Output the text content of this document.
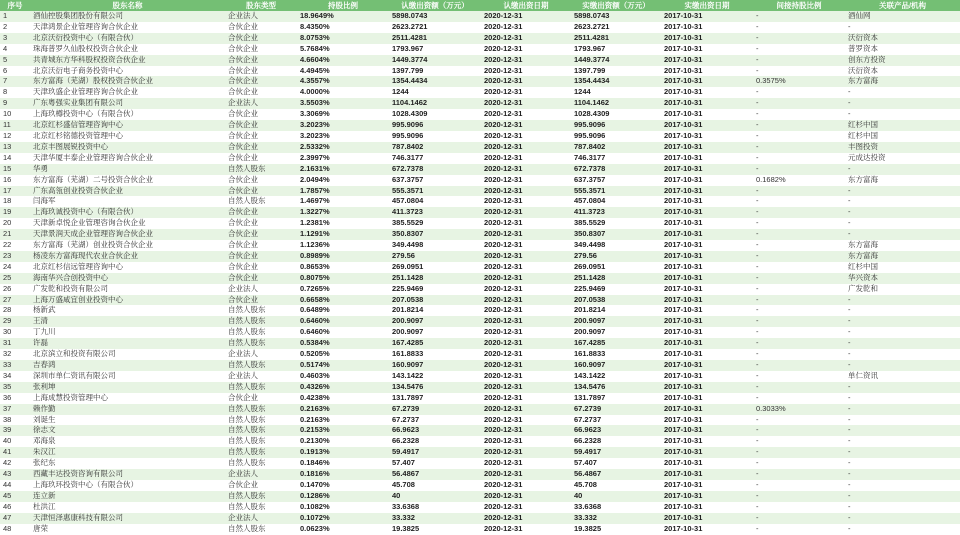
序号	股东名称	股东类型	持股比例	认缴出资额（万元）	认缴出资日期	实缴出资额（万元）	实缴出资日期	间接持股比例	关联产品/机构
1	酒仙控股集团股份有限公司	企业法人	18.9649%	5898.0743	2020-12-31	5898.0743	2017-10-31	-	酒仙网
2	天津鸿景企业管理咨询合伙企业	合伙企业	8.4350%	2623.2721	2020-12-31	2623.2721	2017-10-31	-	-
3	北京沃衍投资中心（有限合伙）	合伙企业	8.0753%	2511.4281	2020-12-31	2511.4281	2017-10-31	-	沃衍资本
4	珠海普罗久仙股权投资合伙企业	合伙企业	5.7684%	1793.967	2020-12-31	1793.967	2017-10-31	-	普罗资本
5	共青城东方华科股权投资合伙企业	合伙企业	4.6604%	1449.3774	2020-12-31	1449.3774	2017-10-31	-	创东方投资
6	北京沃衍电子商务投资中心	合伙企业	4.4945%	1397.799	2020-12-31	1397.799	2017-10-31	-	沃衍资本
7	东方富海（芜湖）股权投资合伙企业	合伙企业	4.3557%	1354.4434	2020-12-31	1354.4434	2017-10-31	0.3575%	东方富海
8	天津玖盛企业管理咨询合伙企业	合伙企业	4.0000%	1244	2020-12-31	1244	2017-10-31	-	-
9	广东粤强实业集团有限公司	企业法人	3.5503%	1104.1462	2020-12-31	1104.1462	2017-10-31	-	-
10	上海玖樽投资中心（有限合伙）	合伙企业	3.3069%	1028.4309	2020-12-31	1028.4309	2017-10-31	-	-
11	北京红杉盛信管理咨询中心	合伙企业	3.2023%	995.9096	2020-12-31	995.9096	2017-10-31	-	红杉中国
12	北京红杉铭德投资管理中心	合伙企业	3.2023%	995.9096	2020-12-31	995.9096	2017-10-31	-	红杉中国
13	北京丰图展锐投资中心	合伙企业	2.5332%	787.8402	2020-12-31	787.8402	2017-10-31	-	丰图投资
14	天津华厦丰泰企业管理咨询合伙企业	合伙企业	2.3997%	746.3177	2020-12-31	746.3177	2017-10-31	-	元成达投资
15	华勇	自然人股东	2.1631%	672.7378	2020-12-31	672.7378	2017-10-31	-	-
16	东方富海（芜湖）二号投资合伙企业	合伙企业	2.0494%	637.3757	2020-12-31	637.3757	2017-10-31	0.1682%	东方富海
17	广东高瓴创业投资合伙企业	合伙企业	1.7857%	555.3571	2020-12-31	555.3571	2017-10-31	-	-
18	闫海军	自然人股东	1.4697%	457.0804	2020-12-31	457.0804	2017-10-31	-	-
19	上海玖诚投资中心（有限合伙）	合伙企业	1.3227%	411.3723	2020-12-31	411.3723	2017-10-31	-	-
20	天津新卓悦企业管理咨询合伙企业	合伙企业	1.2381%	385.5529	2020-12-31	385.5529	2017-10-31	-	-
21	天津景润天成企业管理咨询合伙企业	合伙企业	1.1291%	350.8307	2020-12-31	350.8307	2017-10-31	-	-
22	东方富海（芜湖）创业投资合伙企业	合伙企业	1.1236%	349.4498	2020-12-31	349.4498	2017-10-31	-	东方富海
23	杨凌东方富海现代农业合伙企业	合伙企业	0.8989%	279.56	2020-12-31	279.56	2017-10-31	-	东方富海
24	北京红杉信远管理咨询中心	合伙企业	0.8653%	269.0951	2020-12-31	269.0951	2017-10-31	-	红杉中国
25	海南华兴合创投资中心	合伙企业	0.8075%	251.1428	2020-12-31	251.1428	2017-10-31	-	华兴资本
26	广发乾和投资有限公司	企业法人	0.7265%	225.9469	2020-12-31	225.9469	2017-10-31	-	广发乾和
27	上海万盛咸宜创业投资中心	合伙企业	0.6658%	207.0538	2020-12-31	207.0538	2017-10-31	-	-
28	杨新武	自然人股东	0.6489%	201.8214	2020-12-31	201.8214	2017-10-31	-	-
29	王清	自然人股东	0.6460%	200.9097	2020-12-31	200.9097	2017-10-31	-	-
30	丁九川	自然人股东	0.6460%	200.9097	2020-12-31	200.9097	2017-10-31	-	-
31	许磊	自然人股东	0.5384%	167.4285	2020-12-31	167.4285	2017-10-31	-	-
32	北京滨立和投资有限公司	企业法人	0.5205%	161.8833	2020-12-31	161.8833	2017-10-31	-	-
33	吉春鸿	自然人股东	0.5174%	160.9097	2020-12-31	160.9097	2017-10-31	-	-
34	深圳市单仁资讯有限公司	企业法人	0.4603%	143.1422	2020-12-31	143.1422	2017-10-31	-	单仁资讯
35	张利坤	自然人股东	0.4326%	134.5476	2020-12-31	134.5476	2017-10-31	-	-
36	上海成慧投资管理中心	合伙企业	0.4238%	131.7897	2020-12-31	131.7897	2017-10-31	-	-
37	赖作勤	自然人股东	0.2163%	67.2739	2020-12-31	67.2739	2017-10-31	0.3033%	-
38	刘诞生	自然人股东	0.2163%	67.2737	2020-12-31	67.2737	2017-10-31	-	-
39	徐志文	自然人股东	0.2153%	66.9623	2020-12-31	66.9623	2017-10-31	-	-
40	邓海泉	自然人股东	0.2130%	66.2328	2020-12-31	66.2328	2017-10-31	-	-
41	朱汉江	自然人股东	0.1913%	59.4917	2020-12-31	59.4917	2017-10-31	-	-
42	张纪东	自然人股东	0.1846%	57.407	2020-12-31	57.407	2017-10-31	-	-
43	西藏丰达投资咨询有限公司	企业法人	0.1816%	56.4867	2020-12-31	56.4867	2017-10-31	-	-
44	上海玖环投资中心（有限合伙）	合伙企业	0.1470%	45.708	2020-12-31	45.708	2017-10-31	-	-
45	连立新	自然人股东	0.1286%	40	2020-12-31	40	2017-10-31	-	-
46	杜洪江	自然人股东	0.1082%	33.6368	2020-12-31	33.6368	2017-10-31	-	-
47	天津恒泽惠康科技有限公司	企业法人	0.1072%	33.332	2020-12-31	33.332	2017-10-31	-	-
48	唐荣	自然人股东	0.0623%	19.3825	2020-12-31	19.3825	2017-10-31	-	-
